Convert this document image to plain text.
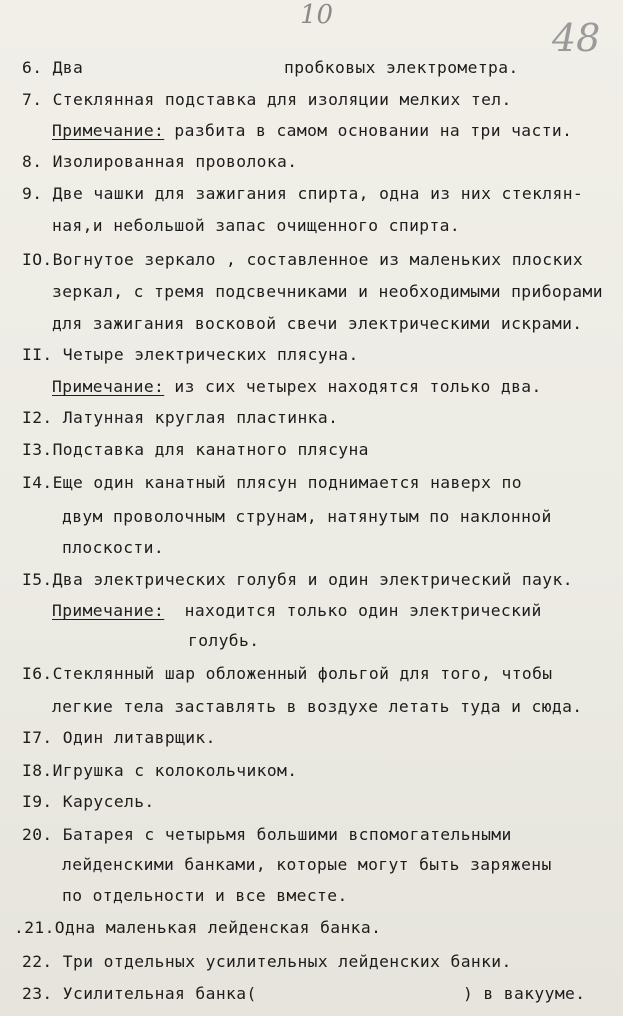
10
48
6. Два	пробковых электрометра.
7. Стеклянная подставка для изоляции мелких тел.
Примечание: разбита в самом основании на три части.
8. Изолированная проволока.
9. Две чашки для зажигания спирта, одна из них стеклян-
ная,и небольшой запас очищенного спирта.
IO.Вогнутое зеркало , составленное из маленьких плоских
зеркал, с тремя подсвечниками и необходимыми приборами
для зажигания восковой свечи электрическими искрами.
II. Четыре электрических плясуна.
Примечание: из сих четырех находятся только два.
I2. Латунная круглая пластинка.
I3.Подставка для канатного плясуна
I4.Еще один канатный плясун поднимается наверх по
двум проволочным струнам, натянутым по наклонной
плоскости.
I5.Два электрических голубя и один электрический паук.
Примечание:  находится только один электрический
голубь.
I6.Стеклянный шар обложенный фольгой для того, чтобы
легкие тела заставлять в воздухе летать туда и сюда.
I7. Один литаврщик.
I8.Игрушка с колокольчиком.
I9. Карусель.
20. Батарея с четырьмя большими вспомогательными
лейденскими банками, которые могут быть заряжены
по отдельности и все вместе.
.21.Одна маленькая лейденская банка.
22. Три отдельных усилительных лейденских банки.
23. Усилительная банка(	) в вакууме.
